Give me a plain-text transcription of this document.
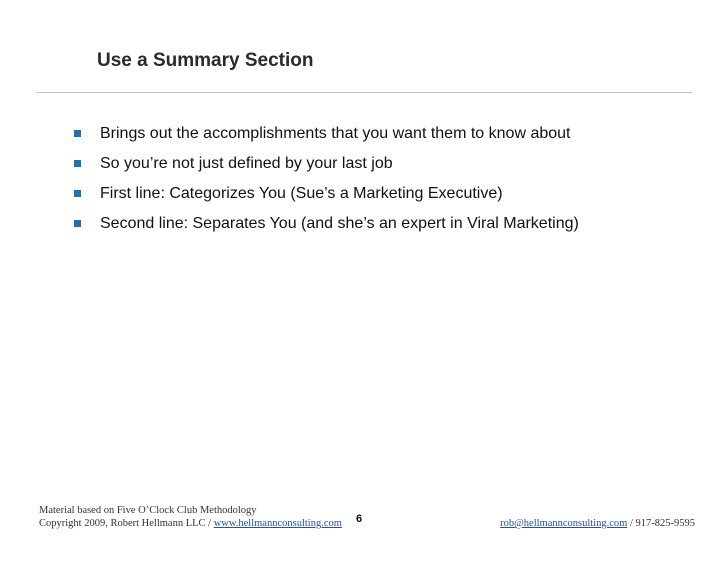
Use a Summary Section
Brings out the accomplishments that you want them to know about
So you’re not just defined by your last job
First line: Categorizes You (Sue’s a Marketing Executive)
Second line: Separates You (and she’s an expert in Viral Marketing)
Material based on Five O’Clock Club Methodology
Copyright 2009, Robert Hellmann LLC / www.hellmannconsulting.com 6	rob@hellmannconsulting.com / 917-825-9595
